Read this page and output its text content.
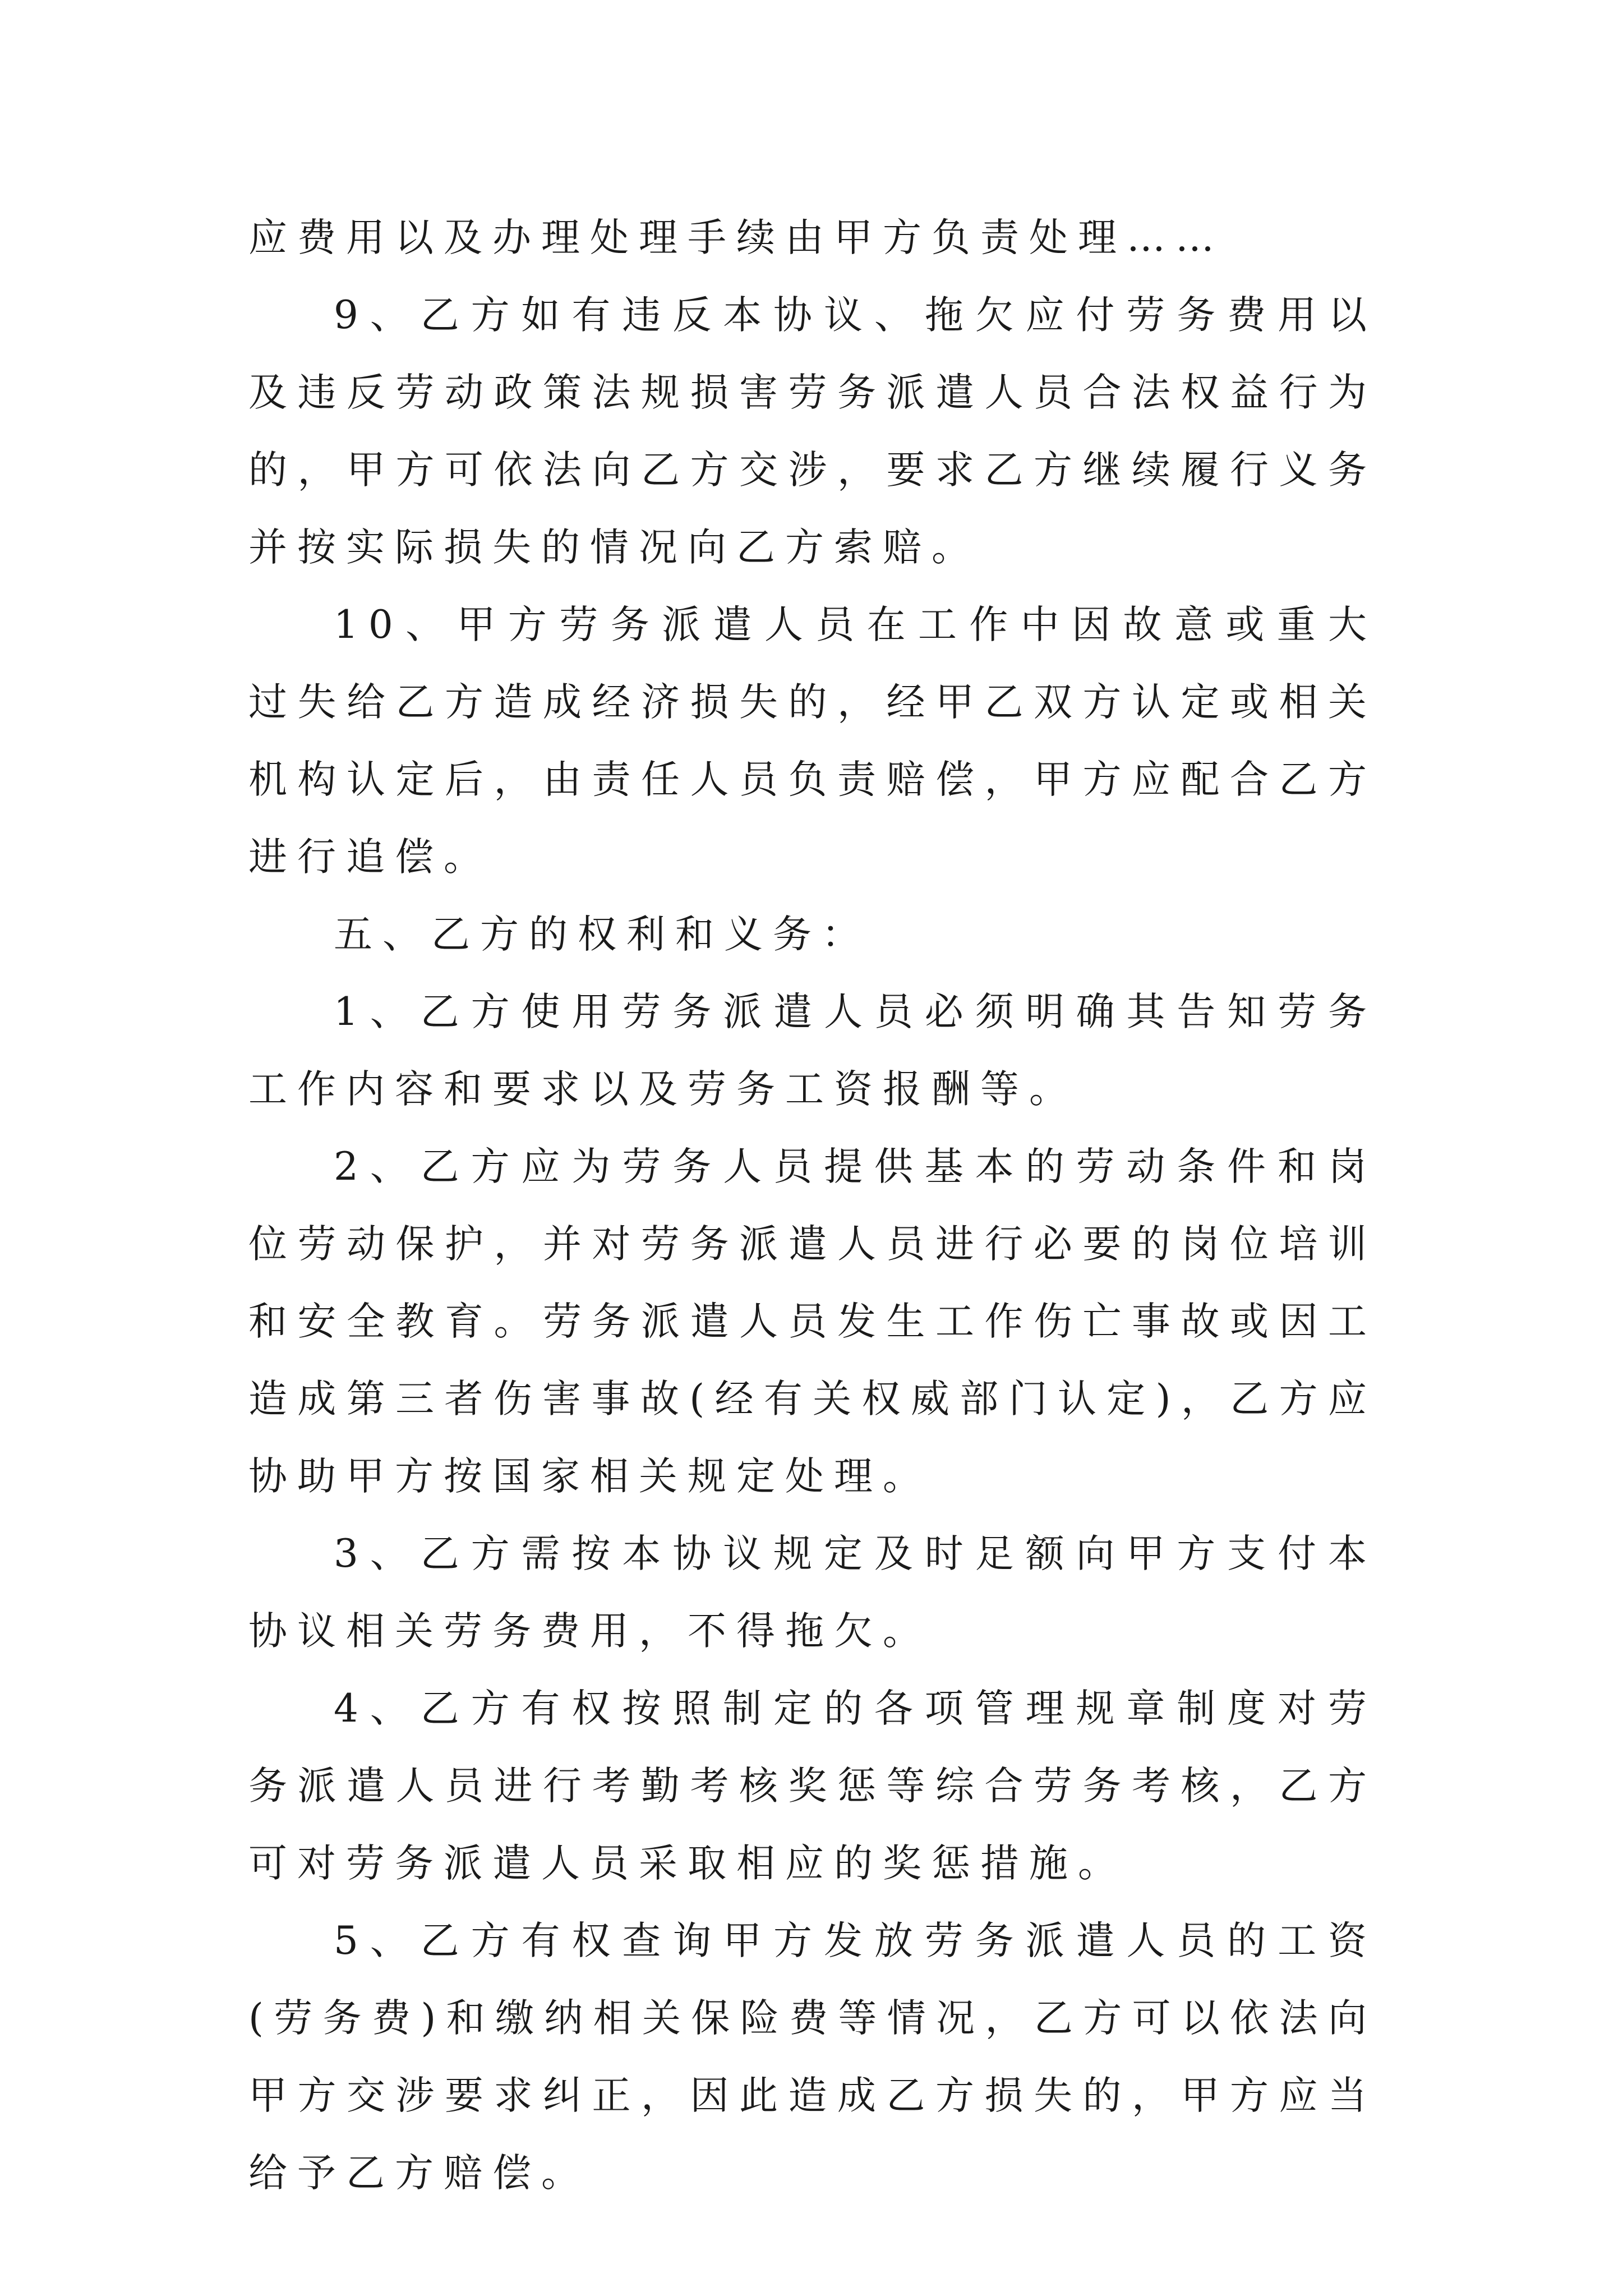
应费用以及办理处理手续由甲方负责处理……

9、乙方如有违反本协议、拖欠应付劳务费用以及违反劳动政策法规损害劳务派遣人员合法权益行为的，甲方可依法向乙方交涉，要求乙方继续履行义务并按实际损失的情况向乙方索赔。

10、甲方劳务派遣人员在工作中因故意或重大过失给乙方造成经济损失的，经甲乙双方认定或相关机构认定后，由责任人员负责赔偿，甲方应配合乙方进行追偿。

五、乙方的权利和义务：

1、乙方使用劳务派遣人员必须明确其告知劳务工作内容和要求以及劳务工资报酬等。

2、乙方应为劳务人员提供基本的劳动条件和岗位劳动保护，并对劳务派遣人员进行必要的岗位培训和安全教育。劳务派遣人员发生工作伤亡事故或因工造成第三者伤害事故(经有关权威部门认定)，乙方应协助甲方按国家相关规定处理。

3、乙方需按本协议规定及时足额向甲方支付本协议相关劳务费用，不得拖欠。

4、乙方有权按照制定的各项管理规章制度对劳务派遣人员进行考勤考核奖惩等综合劳务考核，乙方可对劳务派遣人员采取相应的奖惩措施。

5、乙方有权查询甲方发放劳务派遣人员的工资(劳务费)和缴纳相关保险费等情况，乙方可以依法向甲方交涉要求纠正，因此造成乙方损失的，甲方应当给予乙方赔偿。
